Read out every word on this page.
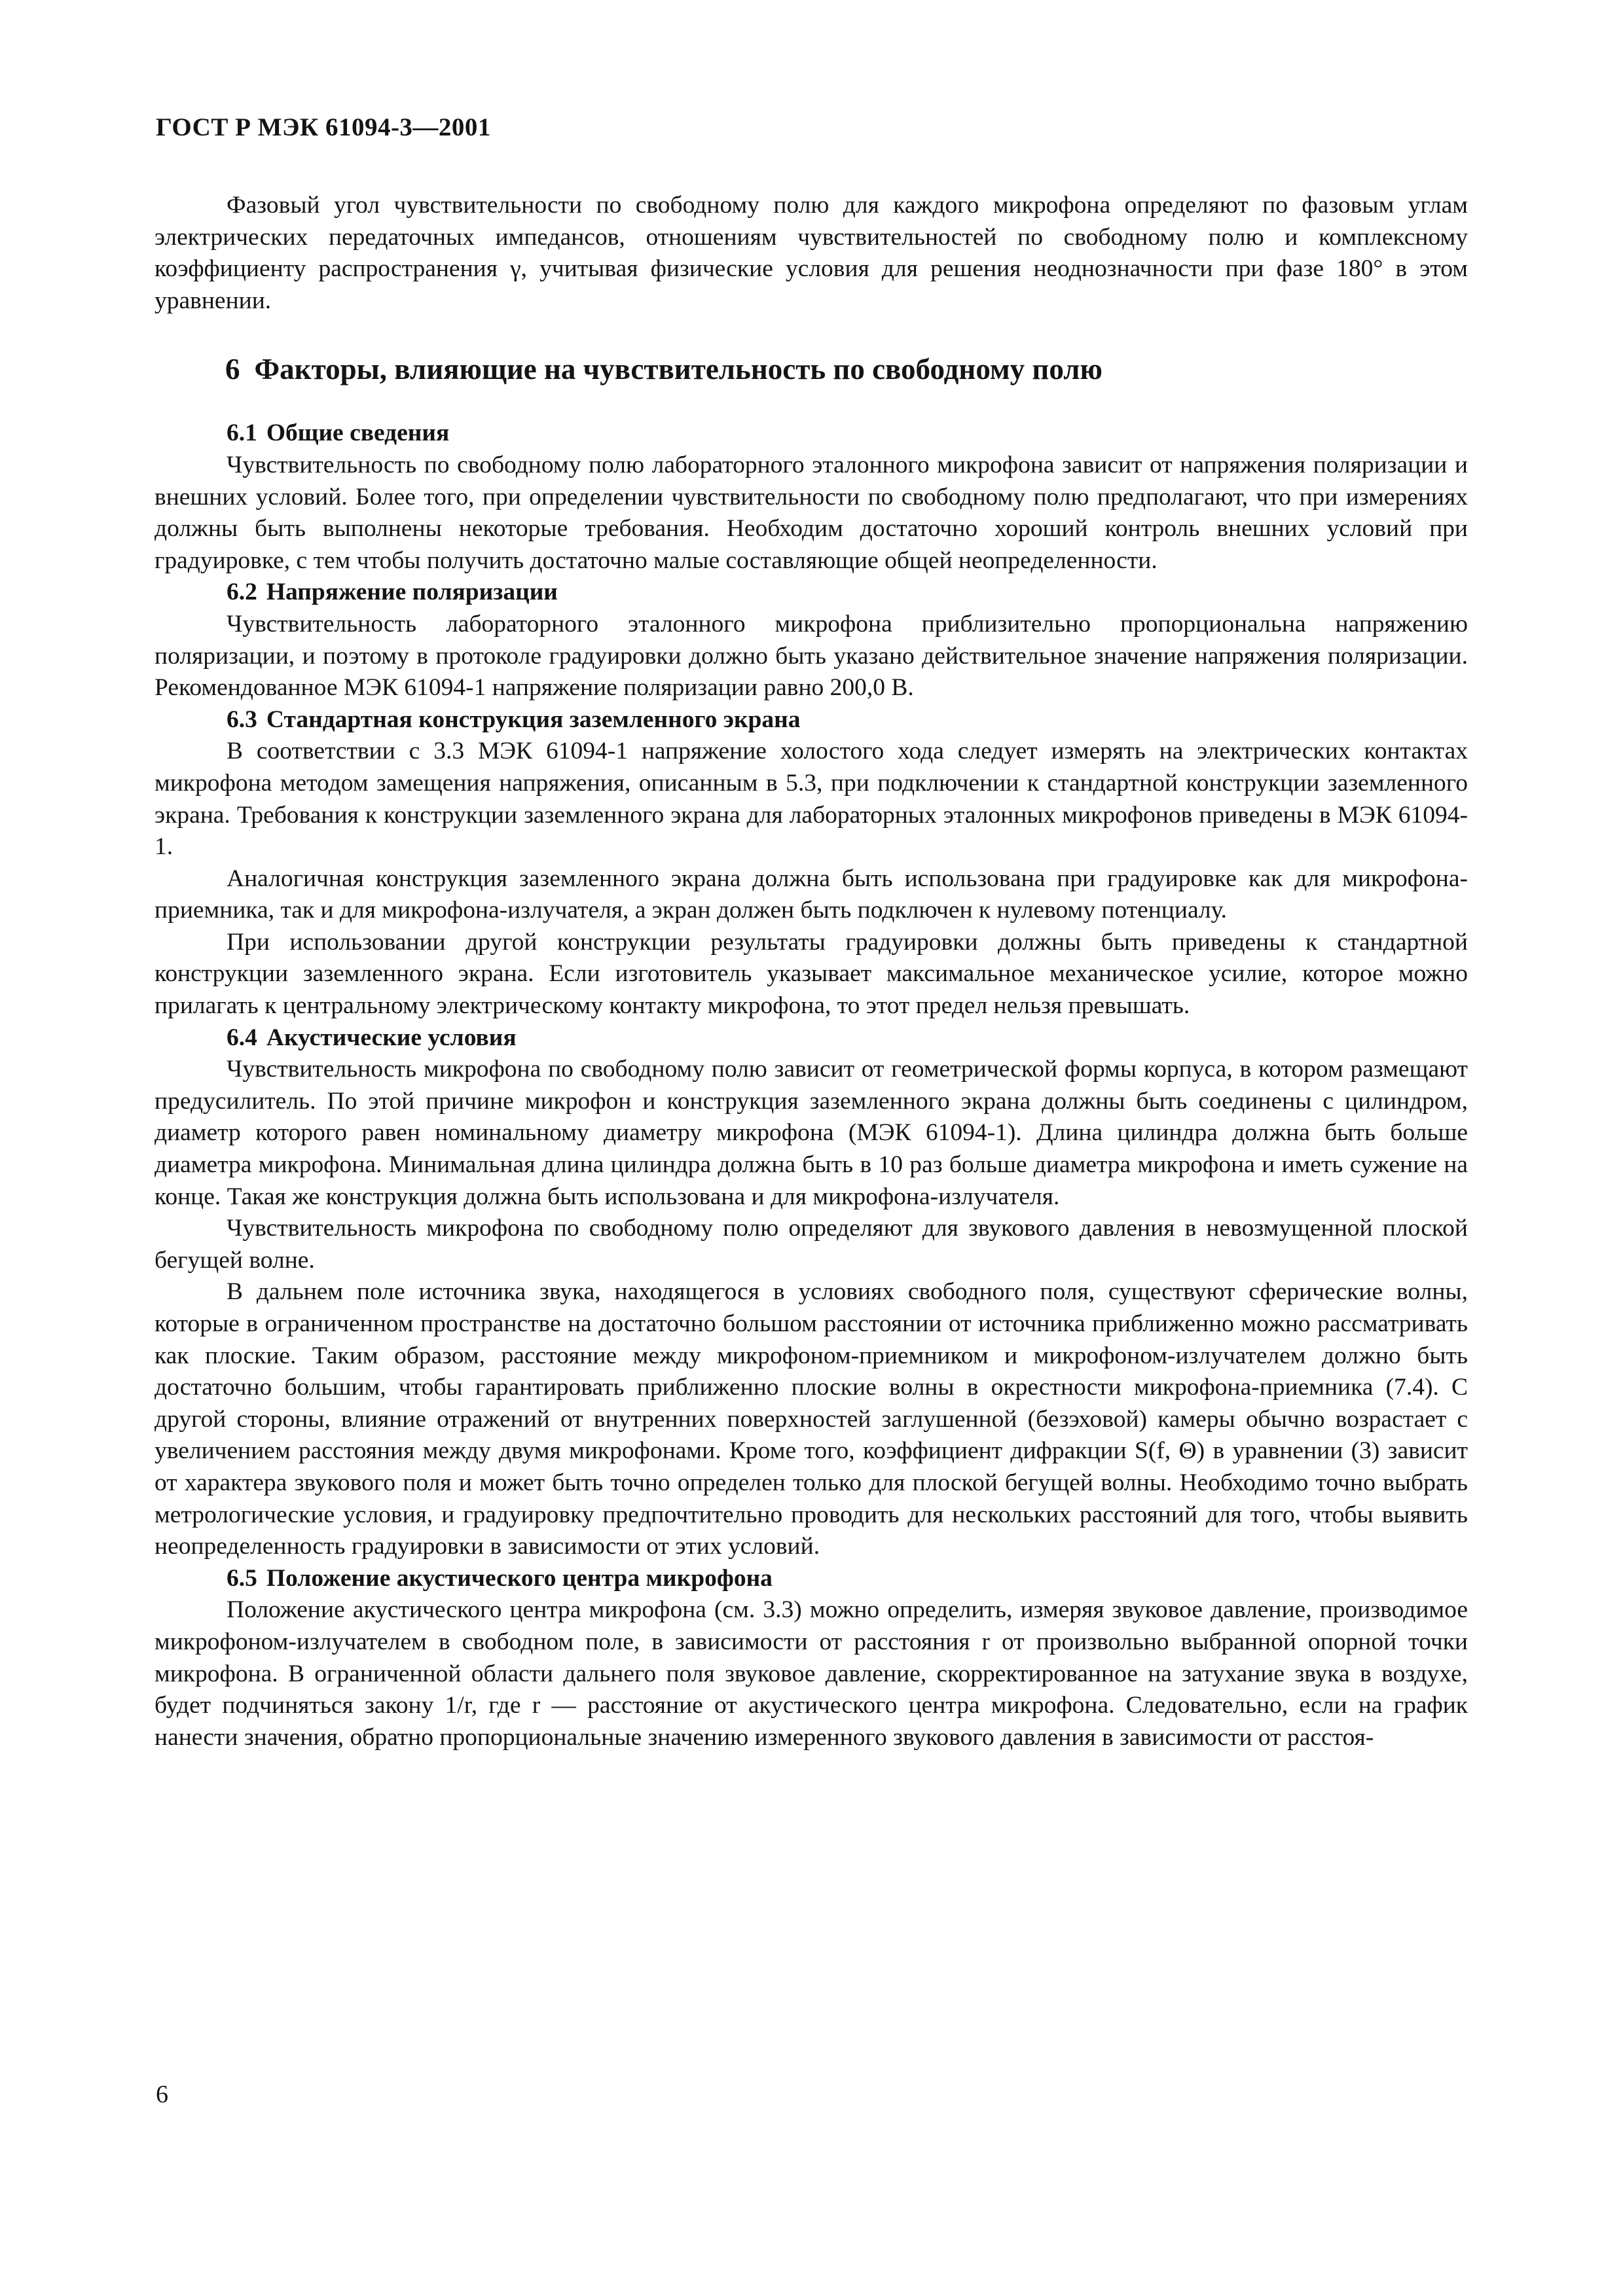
ГОСТ Р МЭК 61094-3—2001

Фазовый угол чувствительности по свободному полю для каждого микрофона определяют по фазовым углам электрических передаточных импедансов, отношениям чувствительностей по свободному полю и комплексному коэффициенту распространения γ, учитывая физические условия для решения неоднозначности при фазе 180° в этом уравнении.

6 Факторы, влияющие на чувствительность по свободному полю
6.1 Общие сведения

Чувствительность по свободному полю лабораторного эталонного микрофона зависит от напряжения поляризации и внешних условий. Более того, при определении чувствительности по свободному полю предполагают, что при измерениях должны быть выполнены некоторые требования. Необходим достаточно хороший контроль внешних условий при градуировке, с тем чтобы получить достаточно малые составляющие общей неопределенности.

6.2 Напряжение поляризации

Чувствительность лабораторного эталонного микрофона приблизительно пропорциональна напряжению поляризации, и поэтому в протоколе градуировки должно быть указано действительное значение напряжения поляризации. Рекомендованное МЭК 61094-1 напряжение поляризации равно 200,0 В.

6.3 Стандартная конструкция заземленного экрана

В соответствии с 3.3 МЭК 61094-1 напряжение холостого хода следует измерять на электрических контактах микрофона методом замещения напряжения, описанным в 5.3, при подключении к стандартной конструкции заземленного экрана. Требования к конструкции заземленного экрана для лабораторных эталонных микрофонов приведены в МЭК 61094-1.

Аналогичная конструкция заземленного экрана должна быть использована при градуировке как для микрофона-приемника, так и для микрофона-излучателя, а экран должен быть подключен к нулевому потенциалу.

При использовании другой конструкции результаты градуировки должны быть приведены к стандартной конструкции заземленного экрана. Если изготовитель указывает максимальное механическое усилие, которое можно прилагать к центральному электрическому контакту микрофона, то этот предел нельзя превышать.

6.4 Акустические условия

Чувствительность микрофона по свободному полю зависит от геометрической формы корпуса, в котором размещают предусилитель. По этой причине микрофон и конструкция заземленного экрана должны быть соединены с цилиндром, диаметр которого равен номинальному диаметру микрофона (МЭК 61094-1). Длина цилиндра должна быть больше диаметра микрофона. Минимальная длина цилиндра должна быть в 10 раз больше диаметра микрофона и иметь сужение на конце. Такая же конструкция должна быть использована и для микрофона-излучателя.

Чувствительность микрофона по свободному полю определяют для звукового давления в невозмущенной плоской бегущей волне.

В дальнем поле источника звука, находящегося в условиях свободного поля, существуют сферические волны, которые в ограниченном пространстве на достаточно большом расстоянии от источника приближенно можно рассматривать как плоские. Таким образом, расстояние между микрофоном-приемником и микрофоном-излучателем должно быть достаточно большим, чтобы гарантировать приближенно плоские волны в окрестности микрофона-приемника (7.4). С другой стороны, влияние отражений от внутренних поверхностей заглушенной (безэховой) камеры обычно возрастает с увеличением расстояния между двумя микрофонами. Кроме того, коэффициент дифракции S(f, Θ) в уравнении (3) зависит от характера звукового поля и может быть точно определен только для плоской бегущей волны. Необходимо точно выбрать метрологические условия, и градуировку предпочтительно проводить для нескольких расстояний для того, чтобы выявить неопределенность градуировки в зависимости от этих условий.

6.5 Положение акустического центра микрофона

Положение акустического центра микрофона (см. 3.3) можно определить, измеряя звуковое давление, производимое микрофоном-излучателем в свободном поле, в зависимости от расстояния r от произвольно выбранной опорной точки микрофона. В ограниченной области дальнего поля звуковое давление, скорректированное на затухание звука в воздухе, будет подчиняться закону 1/r, где r — расстояние от акустического центра микрофона. Следовательно, если на график нанести значения, обратно пропорциональные значению измеренного звукового давления в зависимости от расстоя-

6
